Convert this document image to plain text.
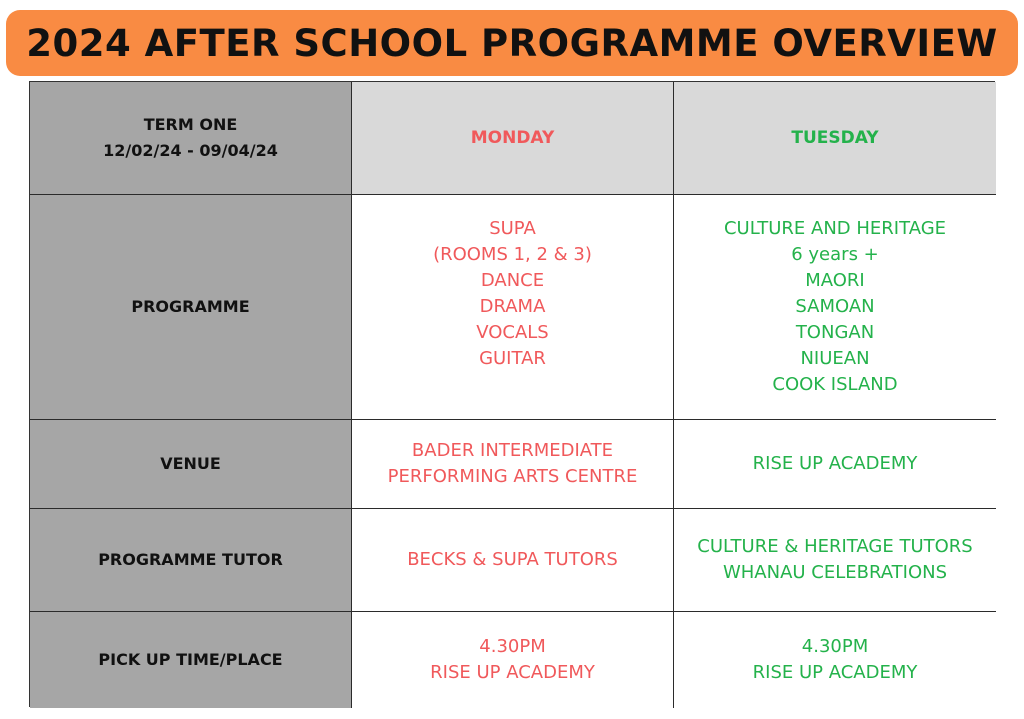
2024 AFTER SCHOOL PROGRAMME OVERVIEW
TERM ONE
12/02/24 - 09/04/24
MONDAY	TUESDAY
PROGRAMME
SUPA
(ROOMS 1, 2 & 3)
DANCE
DRAMA
VOCALS
GUITAR
CULTURE AND HERITAGE
6 years +
MAORI
SAMOAN
TONGAN
NIUEAN
COOK ISLAND
VENUE
BADER INTERMEDIATE
PERFORMING ARTS CENTRE
RISE UP ACADEMY
PROGRAMME TUTOR	BECKS & SUPA TUTORS
CULTURE & HERITAGE TUTORS
WHANAU CELEBRATIONS
PICK UP TIME/PLACE
4.30PM
RISE UP ACADEMY
4.30PM
RISE UP ACADEMY
